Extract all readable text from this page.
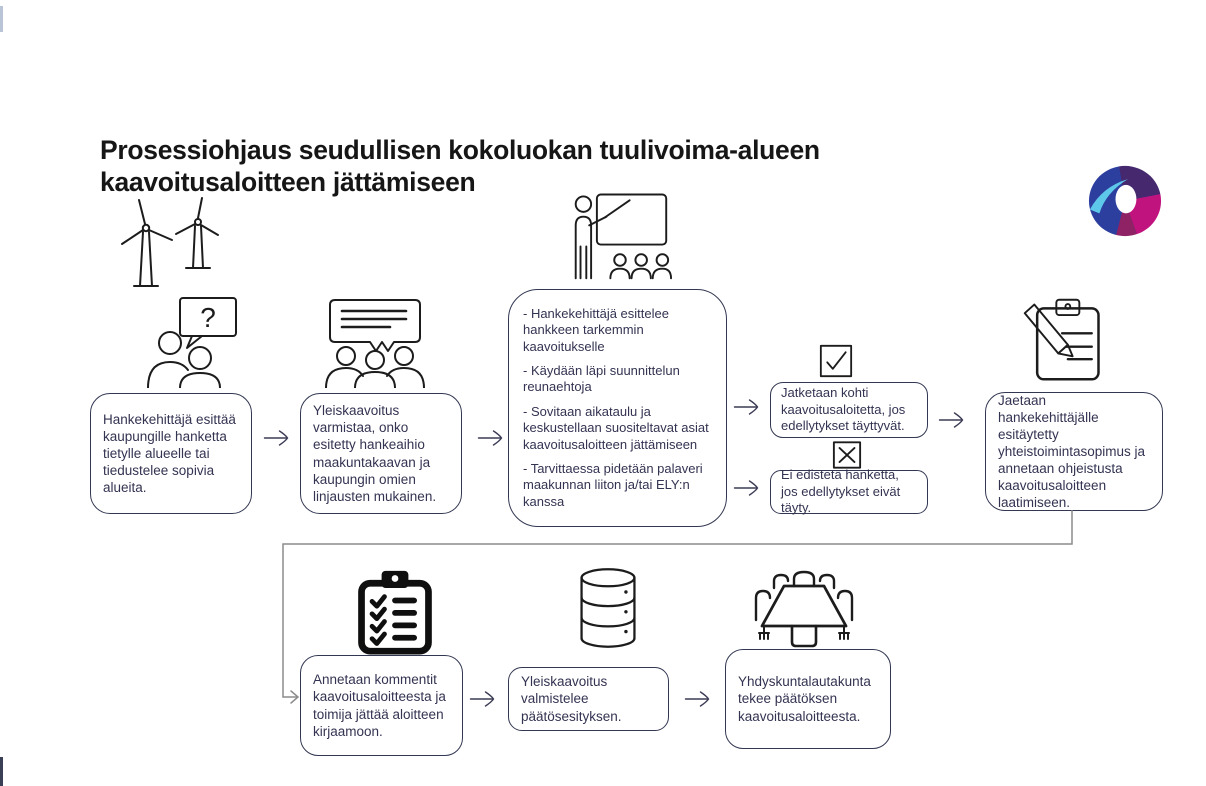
Prosessiohjaus seudullisen kokoluokan tuulivoima-alueen kaavoitusaloitteen jättämiseen
?
Hankekehittäjä esittää kaupungille hanketta tietylle alueelle tai tiedustelee sopivia alueita.
Yleiskaavoitus varmistaa, onko esitetty hankeaihio maakuntakaavan ja kaupungin omien linjausten mukainen.

- Hankekehittäjä esittelee hankkeen tarkemmin kaavoitukselle

- Käydään läpi suunnittelun reunaehtoja

- Sovitaan aikataulu ja keskustellaan suositeltavat asiat kaavoitusaloitteen jättämiseen

- Tarvittaessa pidetään palaveri maakunnan liiton ja/tai ELY:n kanssa

Jatketaan kohti kaavoitusaloitetta, jos edellytykset täyttyvät.
Ei edistetä hanketta, jos edellytykset eivät täyty.
Jaetaan hankekehittäjälle esitäytetty yhteistoimintasopimus ja annetaan ohjeistusta kaavoitusaloitteen laatimiseen.
Annetaan kommentit kaavoitusaloitteesta ja toimija jättää aloitteen kirjaamoon.
Yleiskaavoitus valmistelee päätösesityksen.
Yhdyskuntalautakunta tekee päätöksen kaavoitusaloitteesta.
